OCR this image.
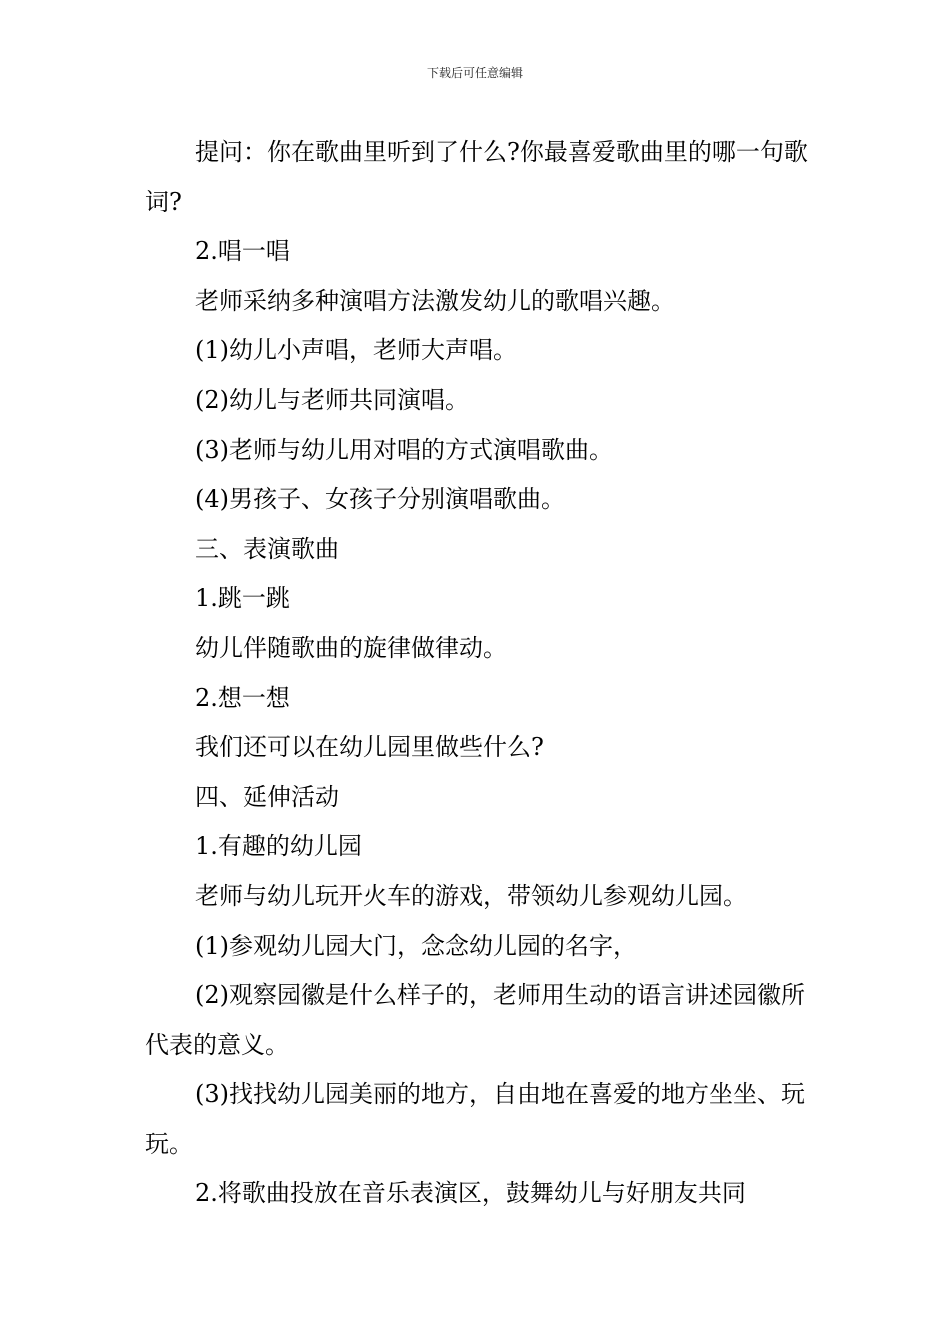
下载后可任意编辑

提问：你在歌曲里听到了什么?你最喜爱歌曲里的哪一句歌词?

2.唱一唱

老师采纳多种演唱方法激发幼儿的歌唱兴趣。

(1)幼儿小声唱，老师大声唱。

(2)幼儿与老师共同演唱。

(3)老师与幼儿用对唱的方式演唱歌曲。

(4)男孩子、女孩子分别演唱歌曲。

三、表演歌曲

1.跳一跳

幼儿伴随歌曲的旋律做律动。

2.想一想

我们还可以在幼儿园里做些什么?

四、延伸活动

1.有趣的幼儿园

老师与幼儿玩开火车的游戏，带领幼儿参观幼儿园。

(1)参观幼儿园大门，念念幼儿园的名字，

(2)观察园徽是什么样子的，老师用生动的语言讲述园徽所代表的意义。

(3)找找幼儿园美丽的地方，自由地在喜爱的地方坐坐、玩玩。

2.将歌曲投放在音乐表演区，鼓舞幼儿与好朋友共同
